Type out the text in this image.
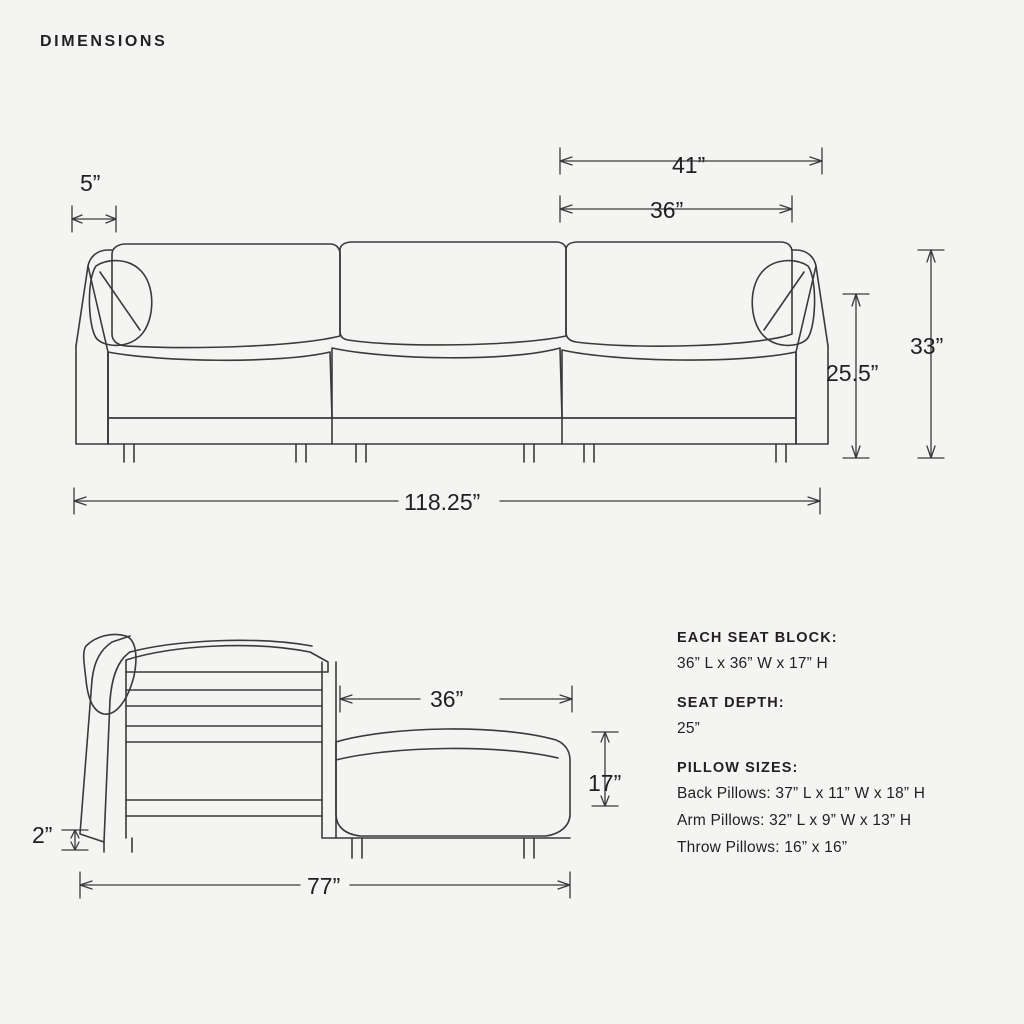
DIMENSIONS
5”
41”
36”
25.5”
33”
118.25”
2”
36”
17”
77”
EACH SEAT BLOCK:
36” L x 36” W x 17” H
SEAT DEPTH:
25”
PILLOW SIZES:
Back Pillows: 37” L x 11” W x 18” H
Arm Pillows: 32” L x 9” W x 13” H
Throw Pillows: 16” x 16”
